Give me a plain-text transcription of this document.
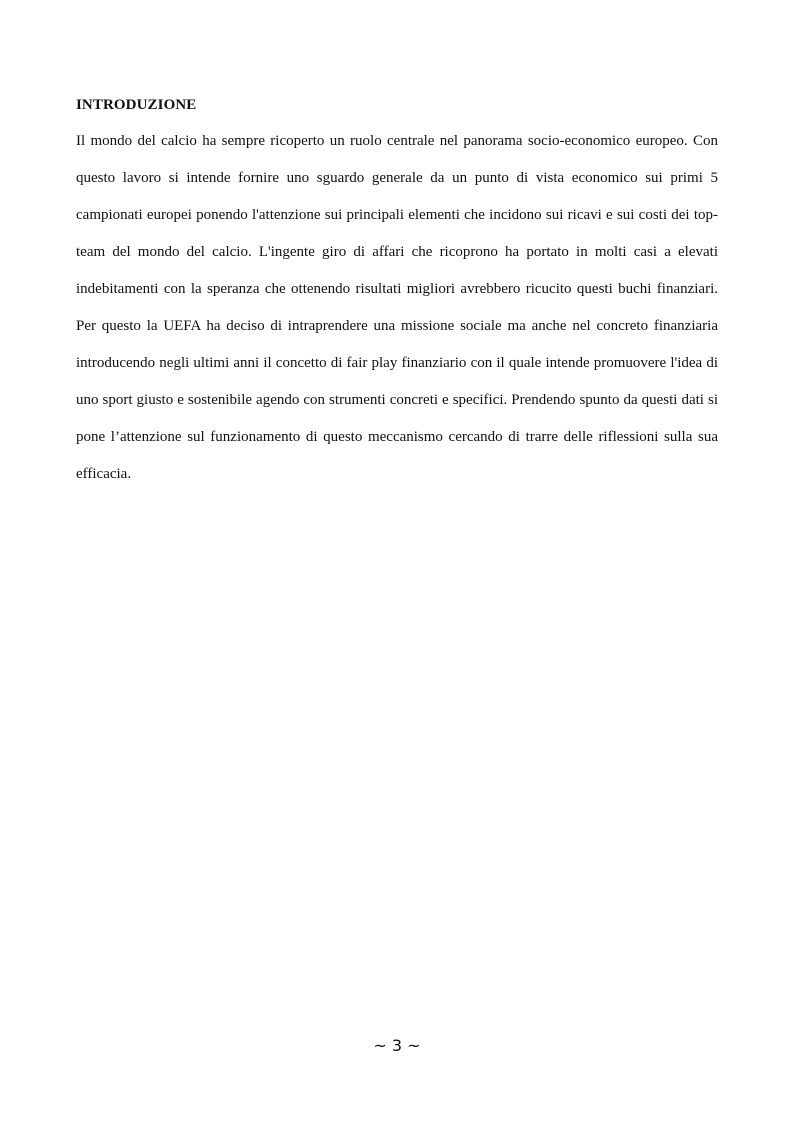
INTRODUZIONE

Il mondo del calcio ha sempre ricoperto un ruolo centrale nel panorama socio-economico europeo. Con questo lavoro si intende fornire uno sguardo generale da un punto di vista economico sui primi 5 campionati europei ponendo l'attenzione sui principali elementi che incidono sui ricavi e sui costi dei top-team del mondo del calcio. L'ingente giro di affari che ricoprono ha portato in molti casi a elevati indebitamenti con la speranza che ottenendo risultati migliori avrebbero ricucito questi buchi finanziari. Per questo la UEFA ha deciso di intraprendere una missione sociale ma anche nel concreto finanziaria introducendo negli ultimi anni il concetto di fair play finanziario con il quale intende promuovere l'idea di uno sport giusto e sostenibile agendo con strumenti concreti e specifici. Prendendo spunto da questi dati si pone l’attenzione sul funzionamento di questo meccanismo cercando di trarre delle riflessioni sulla sua efficacia.

~ 3 ~
